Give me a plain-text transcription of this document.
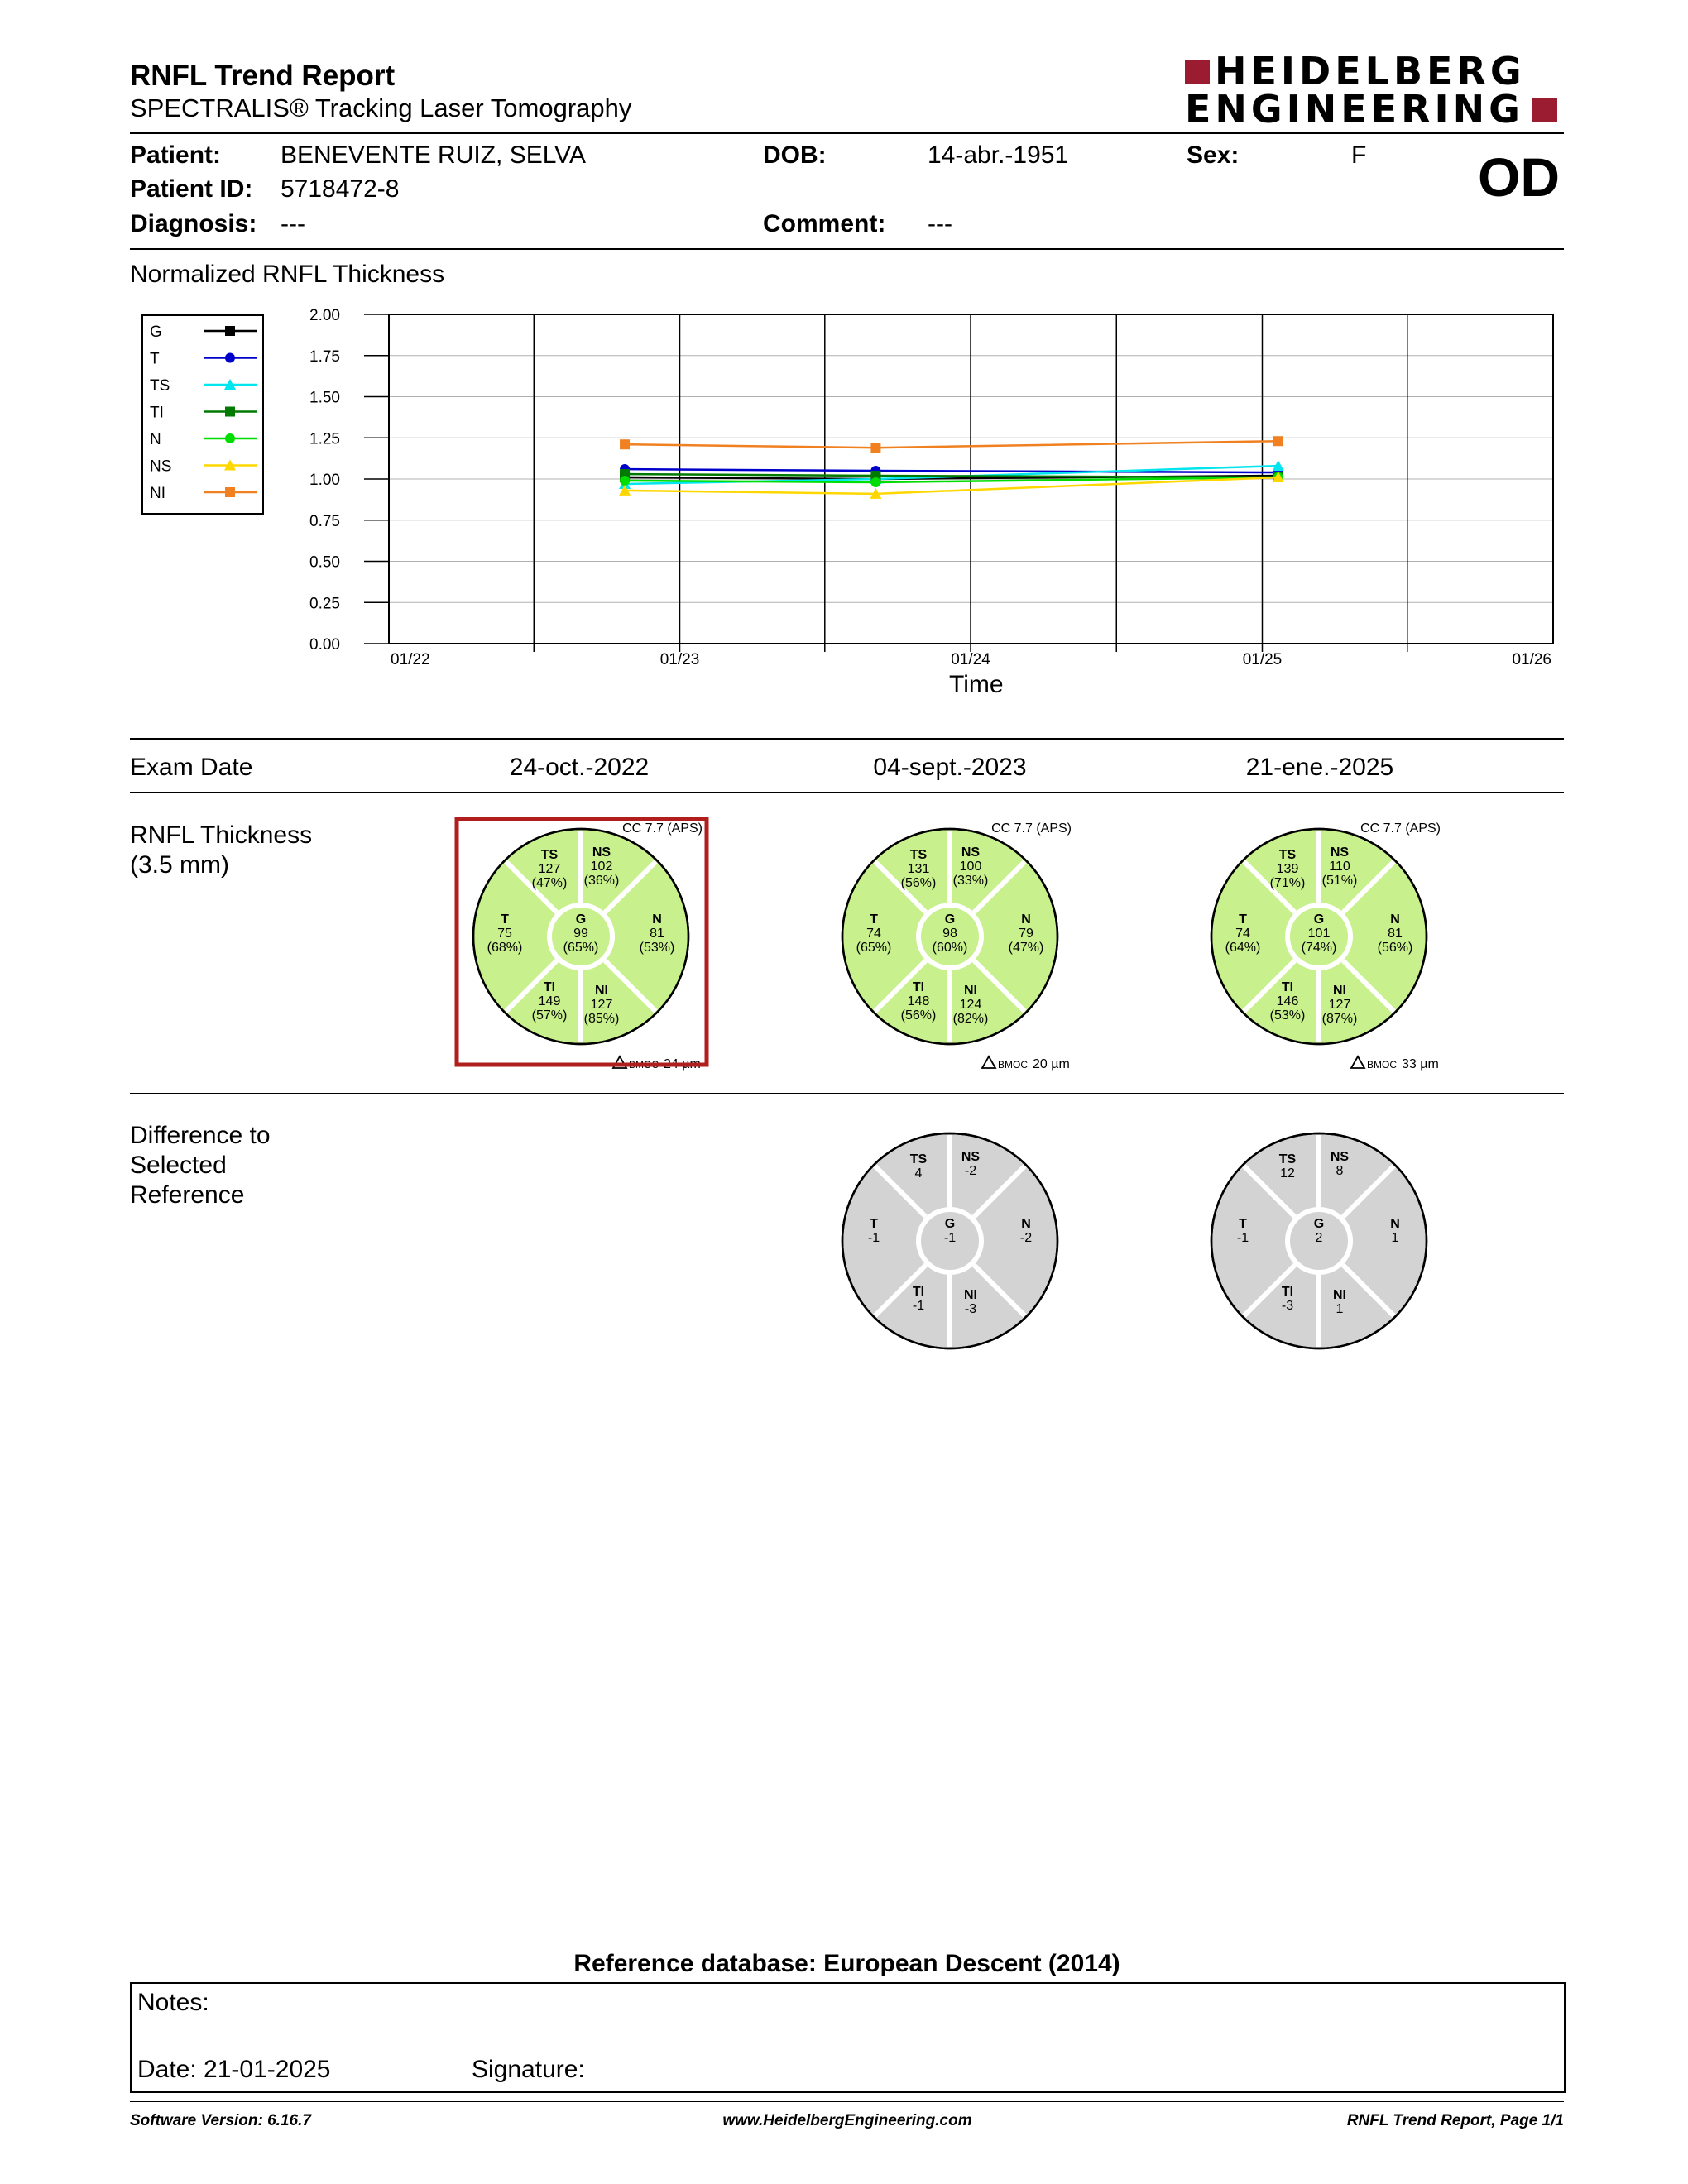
RNFL Trend Report
SPECTRALIS® Tracking Laser Tomography
HEIDELBERG
ENGINEERING
Patient: BENEVENTE RUIZ, SELVA
Patient ID: 5718472-8
Diagnosis: ---
DOB:	14-abr.-1951
Comment: ---
Sex:	F OD
Normalized RNFL Thickness
0.00
0.25
0.50
0.75
1.00
1.25
1.50
1.75
2.00
01/22	01/23	01/24	01/25	01/26
G
T
TS
TI
N
NS
NI
Time
Exam Date	24-oct.-2022	04-sept.-2023	21-ene.-2025
RNFL Thickness
(3.5 mm)	TS
127
(47%)
NS
102
(36%)
T
75
(68%)
G
99
(65%)
N
81
(53%)
TI
149
(57%)
NI
127
(85%)
CC 7.7 (APS)
BMOC 24 µm
TS
131
(56%)
NS
100
(33%)
T
74
(65%)
G
98
(60%)
N
79
(47%)
TI
148
(56%)
NI
124
(82%)
CC 7.7 (APS)
BMOC 20 µm
TS
4
NS
-2
T
-1
G
-1
N
-2
TI
-1
NI
-3
TS
139
(71%)
NS
110
(51%)
T
74
(64%)
G
101
(74%)
N
81
(56%)
TI
146
(53%)
NI
127
(87%)
CC 7.7 (APS)
BMOC 33 µm
TS
12
NS
8
T
-1
G
2
N
1
TI
-3
NI
1
Difference to
Selected
Reference
Reference database: European Descent (2014)
Notes:
Date: 21-01-2025	Signature:
Software Version: 6.16.7	www.HeidelbergEngineering.com	RNFL Trend Report, Page 1/1
